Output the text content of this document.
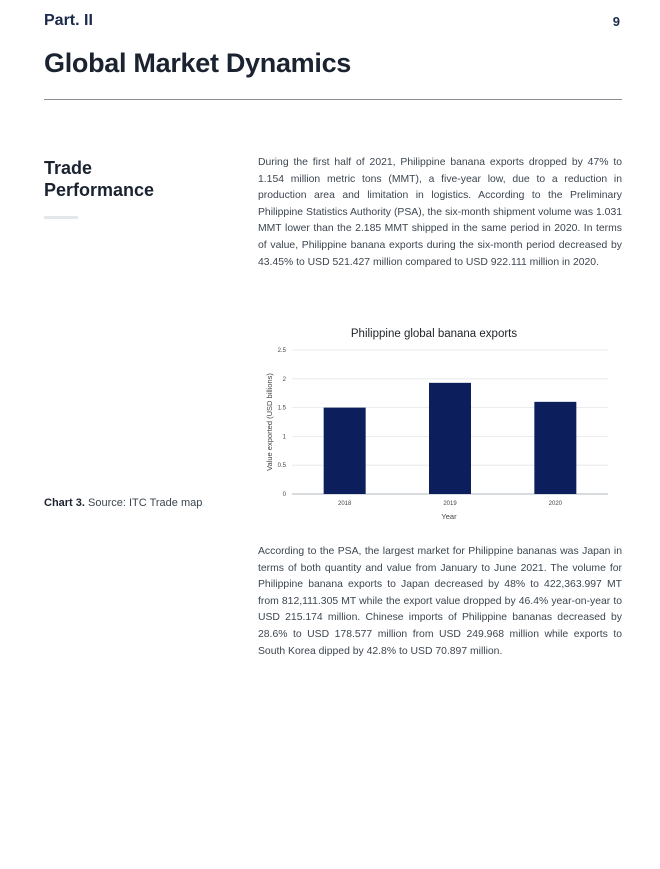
Part. II	9
Global Market Dynamics
Trade Performance

During the first half of 2021, Philippine banana exports dropped by 47% to 1.154 million metric tons (MMT), a five-year low, due to a reduction in production area and limitation in logistics. According to the Preliminary Philippine Statistics Authority (PSA), the six-month shipment volume was 1.031 MMT lower than the 2.185 MMT shipped in the same period in 2020. In terms of value, Philippine banana exports during the six-month period decreased by 43.45% to USD 521.427 million compared to USD 922.111 million in 2020.

Philippine global banana exports
0
0.5
1
1.5
2
2.5
2018	2019	2020
Year
Value exported (USD billions)
Chart 3. Source: ITC Trade map

According to the PSA, the largest market for Philippine bananas was Japan in terms of both quantity and value from January to June 2021. The volume for Philippine banana exports to Japan decreased by 48% to 422,363.997 MT from 812,111.305 MT while the export value dropped by 46.4% year-on-year to USD 215.174 million. Chinese imports of Philippine bananas decreased by 28.6% to USD 178.577 million from USD 249.968 million while exports to South Korea dipped by 42.8% to USD 70.897 million.
